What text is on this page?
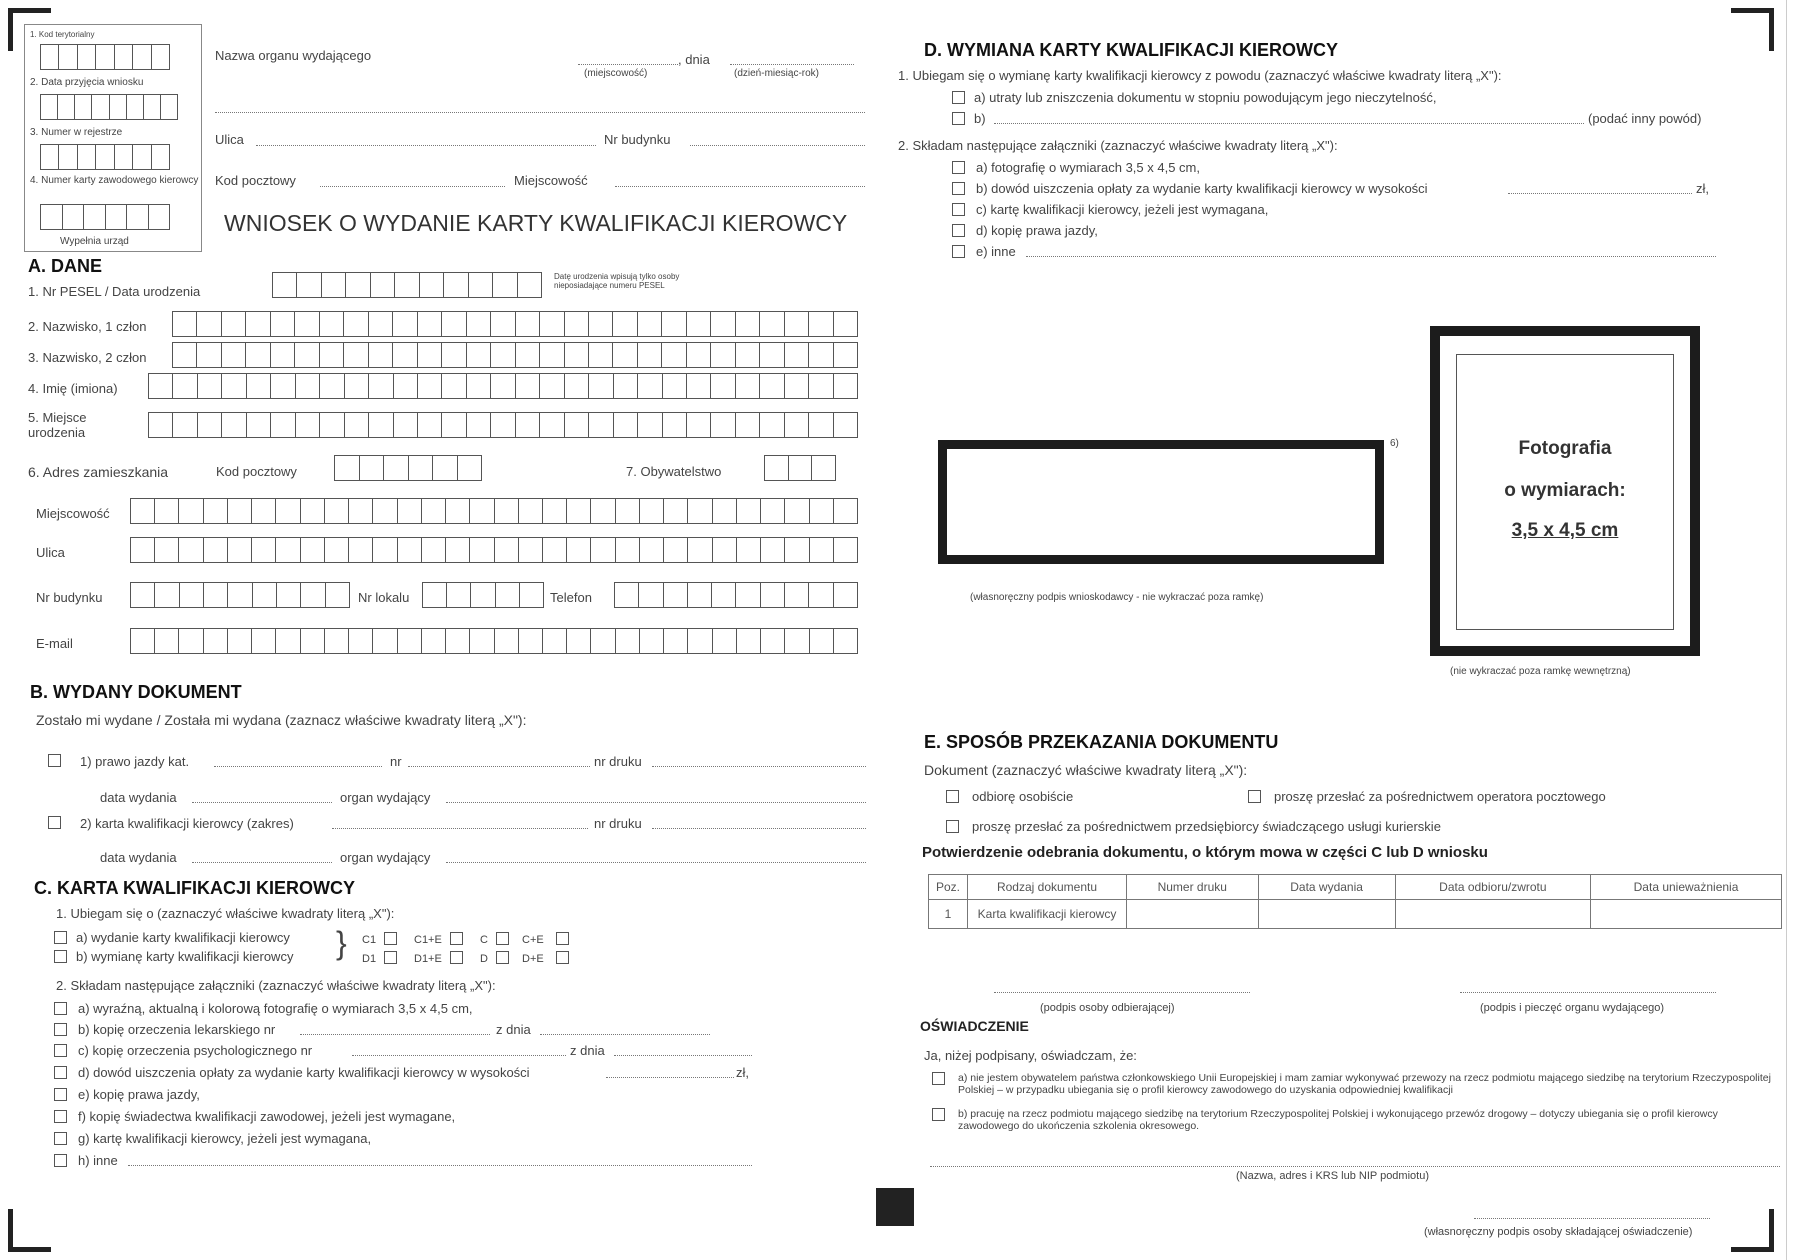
1. Kod terytorialny
2. Data przyjęcia wniosku
3. Numer w rejestrze
4. Numer karty zawodowego kierowcy
Wypełnia urząd
Nazwa organu wydającego	, dnia
(miejscowość)	(dzień-miesiąc-rok)
Ulica	Nr budynku
Kod pocztowy	Miejscowość
WNIOSEK O WYDANIE KARTY KWALIFIKACJI KIEROWCY
A. DANE
1. Nr PESEL / Data urodzenia
Datę urodzenia wpisują tylko osoby nieposiadające numeru PESEL
2. Nazwisko, 1 człon
3. Nazwisko, 2 człon
4. Imię (imiona)
5. Miejsce urodzenia
6. Adres zamieszkania	Kod pocztowy	7. Obywatelstwo
Miejscowość
Ulica
Nr budynku	Nr lokalu	Telefon
E-mail
B. WYDANY DOKUMENT
Zostało mi wydane / Została mi wydana (zaznacz właściwe kwadraty literą „X"):
1) prawo jazdy kat.	nr	nr druku
data wydania	organ wydający
2) karta kwalifikacji kierowcy (zakres)	nr druku
data wydania	organ wydający
C. KARTA KWALIFIKACJI KIEROWCY
1. Ubiegam się o (zaznaczyć właściwe kwadraty literą „X"):
a) wydanie karty kwalifikacji kierowcy
b) wymianę karty kwalifikacji kierowcy } C1	C1+E	C	C+E
D1	D1+E	D	D+E
2. Składam następujące załączniki (zaznaczyć właściwe kwadraty literą „X"):
a) wyraźną, aktualną i kolorową fotografię o wymiarach 3,5 x 4,5 cm,
b) kopię orzeczenia lekarskiego nr	z dnia
c) kopię orzeczenia psychologicznego nr	z dnia
d) dowód uiszczenia opłaty za wydanie karty kwalifikacji kierowcy w wysokości	zł,
e) kopię prawa jazdy,
f) kopię świadectwa kwalifikacji zawodowej, jeżeli jest wymagane,
g) kartę kwalifikacji kierowcy, jeżeli jest wymagana,
h) inne
D. WYMIANA KARTY KWALIFIKACJI KIEROWCY
1. Ubiegam się o wymianę karty kwalifikacji kierowcy z powodu (zaznaczyć właściwe kwadraty literą „X"):
a) utraty lub zniszczenia dokumentu w stopniu powodującym jego nieczytelność,
b)	(podać inny powód)
2. Składam następujące załączniki (zaznaczyć właściwe kwadraty literą „X"):
a) fotografię o wymiarach 3,5 x 4,5 cm,
b) dowód uiszczenia opłaty za wydanie karty kwalifikacji kierowcy w wysokości	zł,
c) kartę kwalifikacji kierowcy, jeżeli jest wymagana,
d) kopię prawa jazdy,
e) inne
6)
(własnoręczny podpis wnioskodawcy - nie wykraczać poza ramkę)
Fotografia
o wymiarach:
3,5 x 4,5 cm
(nie wykraczać poza ramkę wewnętrzną)
E. SPOSÓB PRZEKAZANIA DOKUMENTU
Dokument (zaznaczyć właściwe kwadraty literą „X"):
odbiorę osobiście	proszę przesłać za pośrednictwem operatora pocztowego
proszę przesłać za pośrednictwem przedsiębiorcy świadczącego usługi kurierskie
Potwierdzenie odebrania dokumentu, o którym mowa w części C lub D wniosku
Poz.	Rodzaj dokumentu	Numer druku	Data wydania	Data odbioru/zwrotu	Data unieważnienia
1	Karta kwalifikacji kierowcy				
(podpis osoby odbierającej)	(podpis i pieczęć organu wydającego)
OŚWIADCZENIE
Ja, niżej podpisany, oświadczam, że:
a) nie jestem obywatelem państwa członkowskiego Unii Europejskiej i mam zamiar wykonywać przewozy na rzecz podmiotu mającego siedzibę na terytorium Rzeczypospolitej Polskiej – w przypadku ubiegania się o profil kierowcy zawodowego do uzyskania odpowiedniej kwalifikacji
b) pracuję na rzecz podmiotu mającego siedzibę na terytorium Rzeczypospolitej Polskiej i wykonującego przewóz drogowy – dotyczy ubiegania się o profil kierowcy zawodowego do ukończenia szkolenia okresowego.
(Nazwa, adres i KRS lub NIP podmiotu)
(własnoręczny podpis osoby składającej oświadczenie)
